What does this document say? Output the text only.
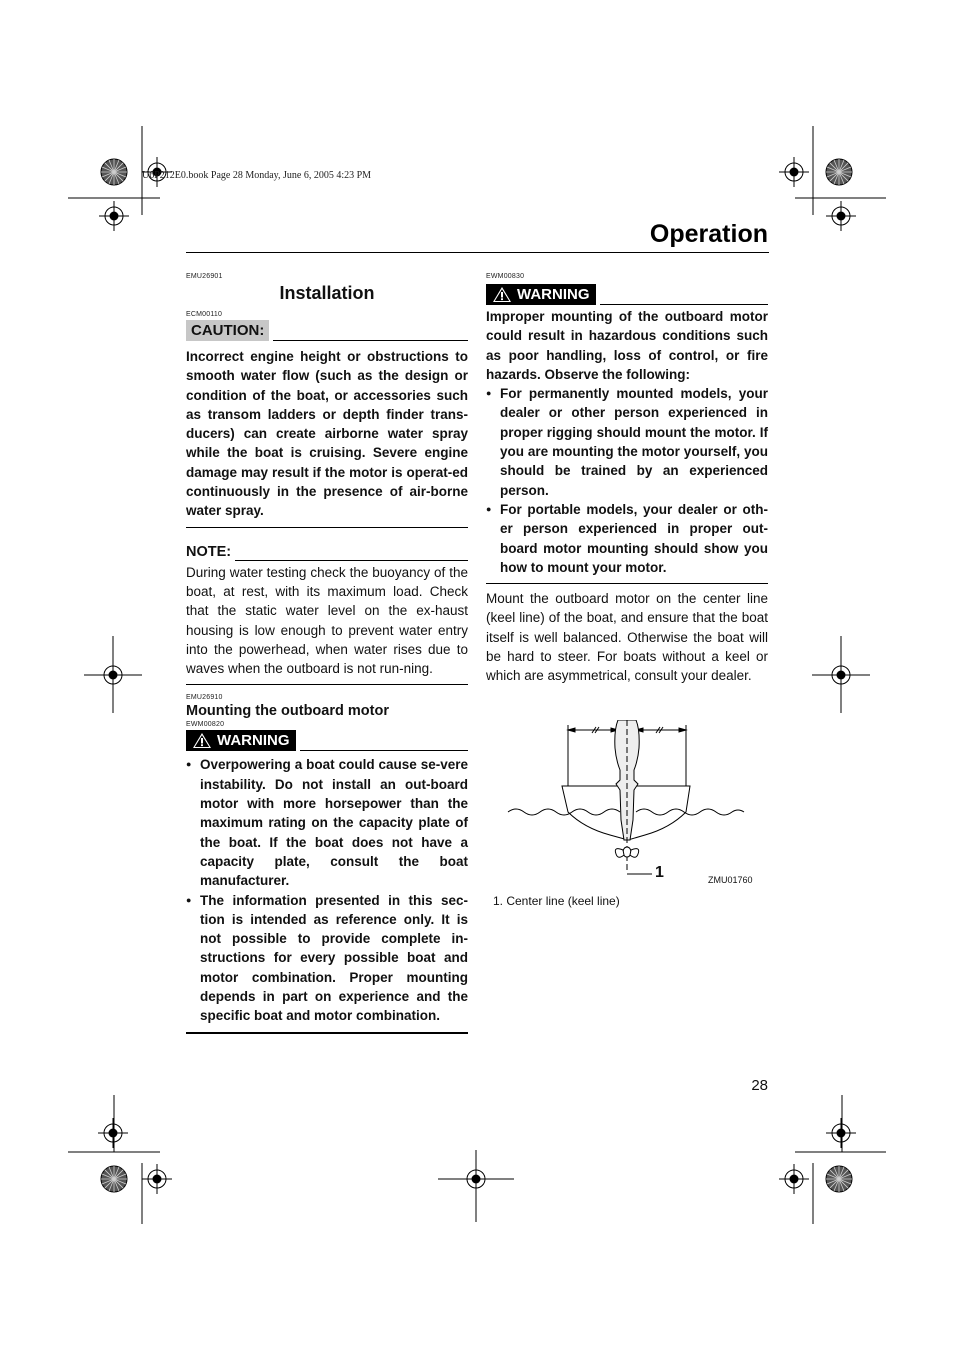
U6P212E0.book Page 28 Monday, June 6, 2005 4:23 PM
Operation
EMU26901
Installation
ECM00110
CAUTION:

Incorrect engine height or obstructions to smooth water flow (such as the design or condition of the boat, or accessories such as transom ladders or depth finder trans-ducers) can create airborne water spray while the boat is cruising. Severe engine damage may result if the motor is operat-ed continuously in the presence of air-borne water spray.

NOTE:

During water testing check the buoyancy of the boat, at rest, with its maximum load. Check that the static water level on the ex-haust housing is low enough to prevent water entry into the powerhead, when water rises due to waves when the outboard is not run-ning.

EMU26910
Mounting the outboard motor
EWM00820
WARNING
● Overpowering a boat could cause se-vere instability. Do not install an out-board motor with more horsepower than the maximum rating on the capacity plate of the boat. If the boat does not have a capacity plate, consult the boat manufacturer.
● The information presented in this sec-tion is intended as reference only. It is not possible to provide complete in-structions for every possible boat and motor combination. Proper mounting depends in part on experience and the specific boat and motor combination.
EWM00830
WARNING

Improper mounting of the outboard motor could result in hazardous conditions such as poor handling, loss of control, or fire hazards. Observe the following:

● For permanently mounted models, your dealer or other person experienced in proper rigging should mount the motor. If you are mounting the motor yourself, you should be trained by an experienced person.
● For portable models, your dealer or oth-er person experienced in proper out-board motor mounting should show you how to mount your motor.

Mount the outboard motor on the center line (keel line) of the boat, and ensure that the boat itself is well balanced. Otherwise the boat will be hard to steer. For boats without a keel or which are asymmetrical, consult your dealer.

1	ZMU01760
1. Center line (keel line)
28
